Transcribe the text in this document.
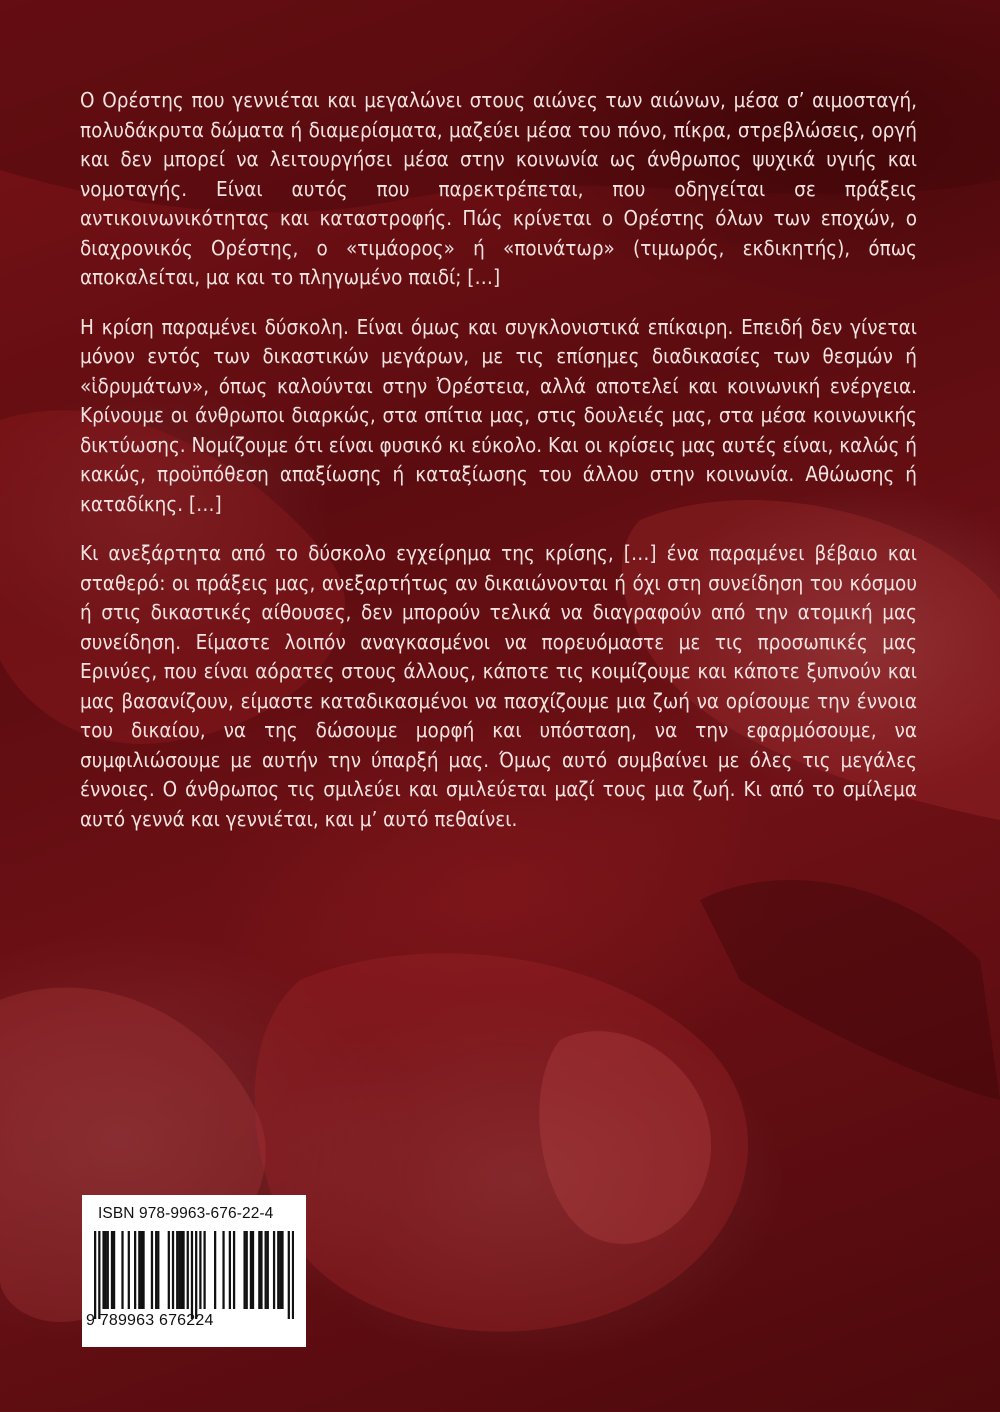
Ο Ορέστης που γεννιέται και μεγαλώνει στους αιώνες των αιώνων, μέσα σ’ αιμοσταγή, πολυδάκρυτα δώματα ή διαμερίσματα, μαζεύει μέσα του πόνο, πίκρα, στρεβλώσεις, οργή και δεν μπορεί να λειτουργήσει μέσα στην κοινωνία ως άνθρωπος ψυχικά υγιής και νομοταγής. Είναι αυτός που παρεκτρέπεται, που οδηγείται σε πράξεις αντικοινωνικότητας και καταστροφής. Πώς κρίνεται ο Ορέστης όλων των εποχών, ο διαχρονικός Ορέστης, ο «τιμάορος» ή «ποινάτωρ» (τιμωρός, εκδικητής), όπως αποκαλείται, μα και το πληγωμένο παιδί; […]

Η κρίση παραμένει δύσκολη. Είναι όμως και συγκλονιστικά επίκαιρη. Επειδή δεν γίνεται μόνον εντός των δικαστικών μεγάρων, με τις επίσημες διαδικασίες των θεσμών ή «ἱδρυμάτων», όπως καλούνται στην Ὀρέστεια, αλλά αποτελεί και κοινωνική ενέργεια. Κρίνουμε οι άνθρωποι διαρκώς, στα σπίτια μας, στις δουλειές μας, στα μέσα κοινωνικής δικτύωσης. Νομίζουμε ότι είναι φυσικό κι εύκολο. Και οι κρίσεις μας αυτές είναι, καλώς ή κακώς, προϋπόθεση απαξίωσης ή καταξίωσης του άλλου στην κοινωνία. Αθώωσης ή καταδίκης. […]

Κι ανεξάρτητα από το δύσκολο εγχείρημα της κρίσης, […] ένα παραμένει βέβαιο και σταθερό: οι πράξεις μας, ανεξαρτήτως αν δικαιώνονται ή όχι στη συνείδηση του κόσμου ή στις δικαστικές αίθουσες, δεν μπορούν τελικά να διαγραφούν από την ατομική μας συνείδηση. Είμαστε λοιπόν αναγκασμένοι να πορευόμαστε με τις προσωπικές μας Ερινύες, που είναι αόρατες στους άλλους, κάποτε τις κοιμίζουμε και κάποτε ξυπνούν και μας βασανίζουν, είμαστε καταδικασμένοι να πασχίζουμε μια ζωή να ορίσουμε την έννοια του δικαίου, να της δώσουμε μορφή και υπόσταση, να την εφαρμόσουμε, να συμφιλιώσουμε με αυτήν την ύπαρξή μας. Όμως αυτό συμβαίνει με όλες τις μεγάλες έννοιες. Ο άνθρωπος τις σμιλεύει και σμιλεύεται μαζί τους μια ζωή. Κι από το σμίλεμα αυτό γεννά και γεννιέται, και μ’ αυτό πεθαίνει.

ISBN 978-9963-676-22-4
9 789963 676224
